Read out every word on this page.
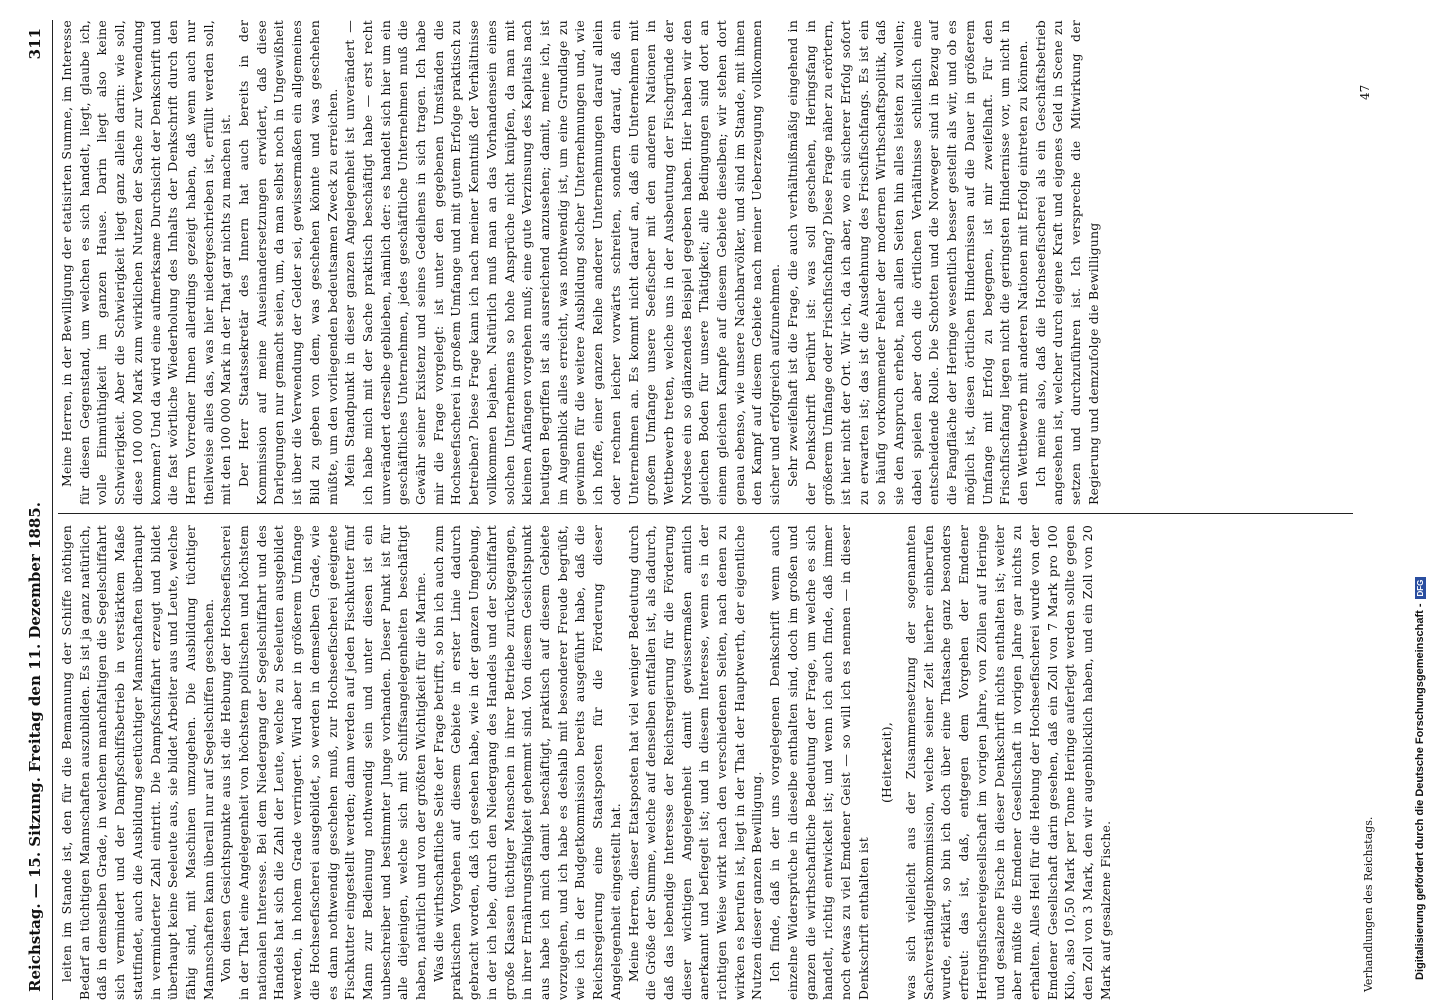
Reichstag. — 15. Sitzung. Freitag den 11. Dezember 1885.
311

leiten im Stande ist, den für die Bemannung der Schiffe nöthigen Bedarf an tüchtigen Mannschaften auszubilden. Es ist ja ganz natürlich, daß in demselben Grade, in welchem manchfaltigen die Segelschiffahrt sich vermindert und der Dampfschiffsbetrieb in verstärktem Maße stattfindet, auch die Ausbildung seetüchtiger Mannschaften überhaupt in verminderter Zahl eintritt. Die Dampfschiffahrt erzeugt und bildet überhaupt keine Seeleute aus, sie bildet Arbeiter aus und Leute, welche fähig sind, mit Maschinen umzugehen. Die Ausbildung tüchtiger Mannschaften kann überall nur auf Segelschiffen geschehen. Von diesen Gesichtspunkte aus ist die Hebung der Hochseefischerei in der That eine Angelegenheit von höchstem politischen und höchstem nationalen Interesse. Bei dem Niedergang der Segelschiffahrt und des Handels hat sich die Zahl der Leute, welche zu Seeleuten ausgebildet werden, in hohem Grade verringert. Wird aber in größerem Umfange die Hochseefischerei ausgebildet, so werden in demselben Grade, wie es dann nothwendig geschehen muß, zur Hochseefischerei geeignete Fischkutter eingestellt werden; dann werden auf jeden Fischkutter fünf Mann zur Bedienung nothwendig sein und unter diesen ist ein unbeschreiber und bestimmter Junge vorhanden. Dieser Punkt ist für alle diejenigen, welche sich mit Schiffsangelegenheiten beschäftigt haben, natürlich und von der größten Wichtigkeit für die Marine. Was die wirthschaftliche Seite der Frage betrifft, so bin ich auch zum praktischen Vorgehen auf diesem Gebiete in erster Linie dadurch gebracht worden, daß ich gesehen habe, wie in der ganzen Umgebung, in der ich lebe, durch den Niedergang des Handels und der Schiffahrt große Klassen tüchtiger Menschen in ihrer Betriebe zurückgegangen, in ihrer Ernährungsfähigkeit gehemmt sind. Von diesem Gesichtspunkt aus habe ich mich damit beschäftigt, praktisch auf diesem Gebiete vorzugehen, und ich habe es deshalb mit besonderer Freude begrüßt, wie ich in der Budgetkommission bereits ausgeführt habe, daß die Reichsregierung eine Staatsposten für die Förderung dieser Angelegenheit eingestellt hat. Meine Herren, dieser Etatsposten hat viel weniger Bedeutung durch die Größe der Summe, welche auf denselben entfallen ist, als dadurch, daß das lebendige Interesse der Reichsregierung für die Förderung dieser wichtigen Angelegenheit damit gewissermaßen amtlich anerkannt und befiegelt ist; und in diesem Interesse, wenn es in der richtigen Weise wirkt nach den verschiedenen Seiten, nach denen zu wirken es berufen ist, liegt in der That der Hauptwerth, der eigentliche Nutzen dieser ganzen Bewilligung. Ich finde, daß in der uns vorgelegenen Denkschrift wenn auch einzelne Widersprüche in dieselbe enthalten sind, doch im großen und ganzen die wirthschaftliche Bedeutung der Frage, um welche es sich handelt, richtig entwickelt ist; und wenn ich auch finde, daß immer noch etwas zu viel Emdener Geist — so will ich es nennen — in dieser Denkschrift enthalten ist

(Heiterkeit), was sich vielleicht aus der Zusammensetzung der sogenannten Sachverständigenkommission, welche seiner Zeit hierher einberufen wurde, erklärt, so bin ich doch über eine Thatsache ganz besonders erfreut: das ist, daß, entgegen dem Vorgehen der Emdener Heringsfischereigesellschaft im vorigen Jahre, von Zöllen auf Heringe und gesalzene Fische in dieser Denkschrift nichts enthalten ist; weiter aber müßte die Emdener Gesellschaft in vorigen Jahre gar nichts zu erhalten. Alles Heil für die Hebung der Hochseefischerei wurde von der Emdener Gesellschaft darin gesehen, daß ein Zoll von 7 Mark pro 100 Kilo, also 10,50 Mark per Tonne Heringe auferlegt werden sollte gegen den Zoll von 3 Mark, den wir augenblicklich haben, und ein Zoll von 20 Mark auf gesalzene Fische.

Meine Herren, in der Bewilligung der etatisirten Summe, im Interesse für diesen Gegenstand, um welchen es sich handelt, liegt, glaube ich, volle Einmüthigkeit im ganzen Hause. Darin liegt also keine Schwierigkeit. Aber die Schwierigkeit liegt ganz allein darin: wie soll, diese 100 000 Mark zum wirklichen Nutzen der Sache zur Verwendung kommen? Und da wird eine aufmerksame Durchsicht der Denkschrift und die fast wörtliche Wiederholung des Inhalts der Denkschrift durch den Herrn Vorredner Ihnen allerdings gezeigt haben, daß wenn auch nur theilweise alles das, was hier niedergeschrieben ist, erfüllt werden soll, mit den 100 000 Mark in der That gar nichts zu machen ist. Der Herr Staatssekretär des Innern hat auch bereits in der Kommission auf meine Auseinandersetzungen erwidert, daß diese Darlegungen nur gemacht seien, um, da man selbst noch in Ungewißheit ist über die Verwendung der Gelder sei, gewissermaßen ein allgemeines Bild zu geben von dem, was geschehen könnte und was geschehen müßte, um den vorliegenden bedeutsamen Zweck zu erreichen. Mein Standpunkt in dieser ganzen Angelegenheit ist unverändert — ich habe mich mit der Sache praktisch beschäftigt habe — erst recht unverändert derselbe geblieben, nämlich der: es handelt sich hier um ein geschäftliches Unternehmen, jedes geschäftliche Unternehmen muß die Gewähr seiner Existenz und seines Gedeihens in sich tragen. Ich habe mir die Frage vorgelegt: ist unter den gegebenen Umständen die Hochseefischerei in großem Umfange und mit gutem Erfolge praktisch zu betreiben? Diese Frage kann ich nach meiner Kenntniß der Verhältnisse vollkommen bejahen. Natürlich muß man an das Vorhandensein eines solchen Unternehmens so hohe Ansprüche nicht knüpfen, da man mit kleinen Anfängen vorgehen muß; eine gute Verzinsung des Kapitals nach heutigen Begriffen ist als ausreichend anzusehen; damit, meine ich, ist im Augenblick alles erreicht, was nothwendig ist, um eine Grundlage zu gewinnen für die weitere Ausbildung solcher Unternehmungen und, wie ich hoffe, einer ganzen Reihe anderer Unternehmungen darauf allein oder rechnen leicher vorwärts schreiten, sondern darauf, daß ein Unternehmen an. Es kommt nicht darauf an, daß ein Unternehmen mit großem Umfange unsere Seefischer mit den anderen Nationen in Wettbewerb treten, welche uns in der Ausbeutung der Fischgründe der Nordsee ein so glänzendes Beispiel gegeben haben. Hier haben wir den gleichen Boden für unsere Thätigkeit; alle Bedingungen sind dort an einem gleichen Kampfe auf diesem Gebiete dieselben; wir stehen dort genau ebenso, wie unsere Nachbarvölker, und sind im Stande, mit ihnen den Kampf auf diesem Gebiete nach meiner Ueberzeugung vollkommen sicher und erfolgreich aufzunehmen. Sehr zweifelhaft ist die Frage, die auch verhältnißmäßig eingehend in der Denkschrift berührt ist: was soll geschehen, Heringsfang in größerem Umfange oder Frischfischfang? Diese Frage näher zu erörtern, ist hier nicht der Ort. Wir ich, da ich aber, wo ein sicherer Erfolg sofort zu erwarten ist; das ist die Ausdehnung des Frischfischfangs. Es ist ein so häufig vorkommender Fehler der modernen Wirthschaftspolitik, daß sie den Anspruch erhebt, nach allen Seiten hin alles leisten zu wollen; dabei spielen aber doch die örtlichen Verhältnisse schließlich eine entscheidende Rolle. Die Schotten und die Norweger sind in Bezug auf die Fangfläche der Heringe wesentlich besser gestellt als wir, und ob es möglich ist, diesen örtlichen Hindernissen auf die Dauer in größerem Umfange mit Erfolg zu begegnen, ist mir zweifelhaft. Für den Frischfischfang liegen nicht die geringsten Hindernisse vor, um nicht in den Wettbewerb mit anderen Nationen mit Erfolg eintreten zu können. Ich meine also, daß die Hochseefischerei als ein Geschäftsbetrieb angesehen ist, welcher durch eigene Kraft und eigenes Geld in Scene zu setzen und durchzuführen ist. Ich verspreche die Mitwirkung der Regierung und demzufolge die Bewilligung

Verhandlungen des Reichstags.
47
Digitalisierung gefördert durch die Deutsche Forschungsgemeinschaft -DFG
